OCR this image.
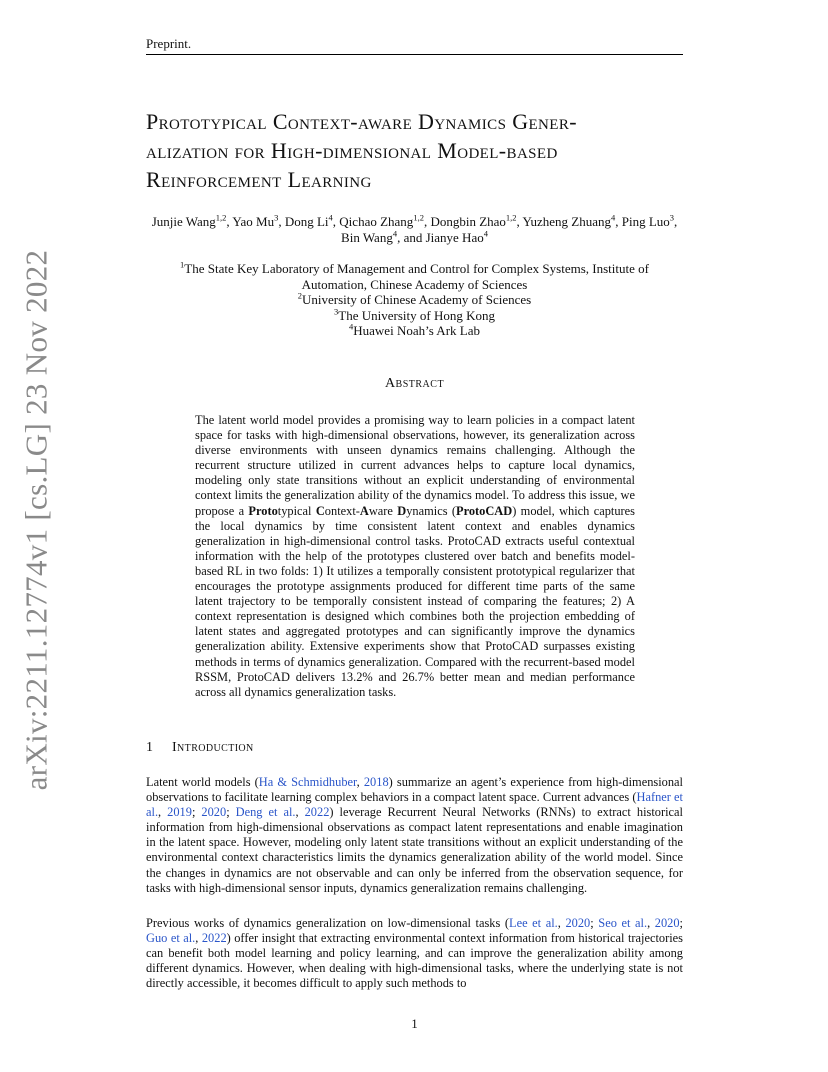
Preprint.
arXiv:2211.12774v1 [cs.LG] 23 Nov 2022
Prototypical Context-aware Dynamics Gener-
alization for High-dimensional Model-based
Reinforcement Learning
Junjie Wang$^{1,2}$, Yao Mu$^3$, Dong Li$^4$, Qichao Zhang$^{1,2}$, Dongbin Zhao$^{1,2}$, Yuzheng Zhuang$^4$, Ping Luo$^3$, Bin Wang$^4$, and Jianye Hao$^4$
$^1$The State Key Laboratory of Management and Control for Complex Systems, Institute of
Automation, Chinese Academy of Sciences
$^2$University of Chinese Academy of Sciences
$^3$The University of Hong Kong
$^4$Huawei Noah’s Ark Lab
Abstract

The latent world model provides a promising way to learn policies in a compact latent space for tasks with high-dimensional observations, however, its generalization across diverse environments with unseen dynamics remains challenging. Although the recurrent structure utilized in current advances helps to capture local dynamics, modeling only state transitions without an explicit understanding of environmental context limits the generalization ability of the dynamics model. To address this issue, we propose a Prototypical Context-Aware Dynamics (ProtoCAD) model, which captures the local dynamics by time consistent latent context and enables dynamics generalization in high-dimensional control tasks. ProtoCAD extracts useful contextual information with the help of the prototypes clustered over batch and benefits model-based RL in two folds: 1) It utilizes a temporally consistent prototypical regularizer that encourages the prototype assignments produced for different time parts of the same latent trajectory to be temporally consistent instead of comparing the features; 2) A context representation is designed which combines both the projection embedding of latent states and aggregated prototypes and can significantly improve the dynamics generalization ability. Extensive experiments show that ProtoCAD surpasses existing methods in terms of dynamics generalization. Compared with the recurrent-based model RSSM, ProtoCAD delivers 13.2% and 26.7% better mean and median performance across all dynamics generalization tasks.

1 Introduction

Latent world models (Ha & Schmidhuber, 2018) summarize an agent’s experience from high-dimensional observations to facilitate learning complex behaviors in a compact latent space. Current advances (Hafner et al., 2019; 2020; Deng et al., 2022) leverage Recurrent Neural Networks (RNNs) to extract historical information from high-dimensional observations as compact latent representations and enable imagination in the latent space. However, modeling only latent state transitions without an explicit understanding of the environmental context characteristics limits the dynamics generalization ability of the world model. Since the changes in dynamics are not observable and can only be inferred from the observation sequence, for tasks with high-dimensional sensor inputs, dynamics generalization remains challenging.

Previous works of dynamics generalization on low-dimensional tasks (Lee et al., 2020; Seo et al., 2020; Guo et al., 2022) offer insight that extracting environmental context information from historical trajectories can benefit both model learning and policy learning, and can improve the generalization ability among different dynamics. However, when dealing with high-dimensional tasks, where the underlying state is not directly accessible, it becomes difficult to apply such methods to

1
